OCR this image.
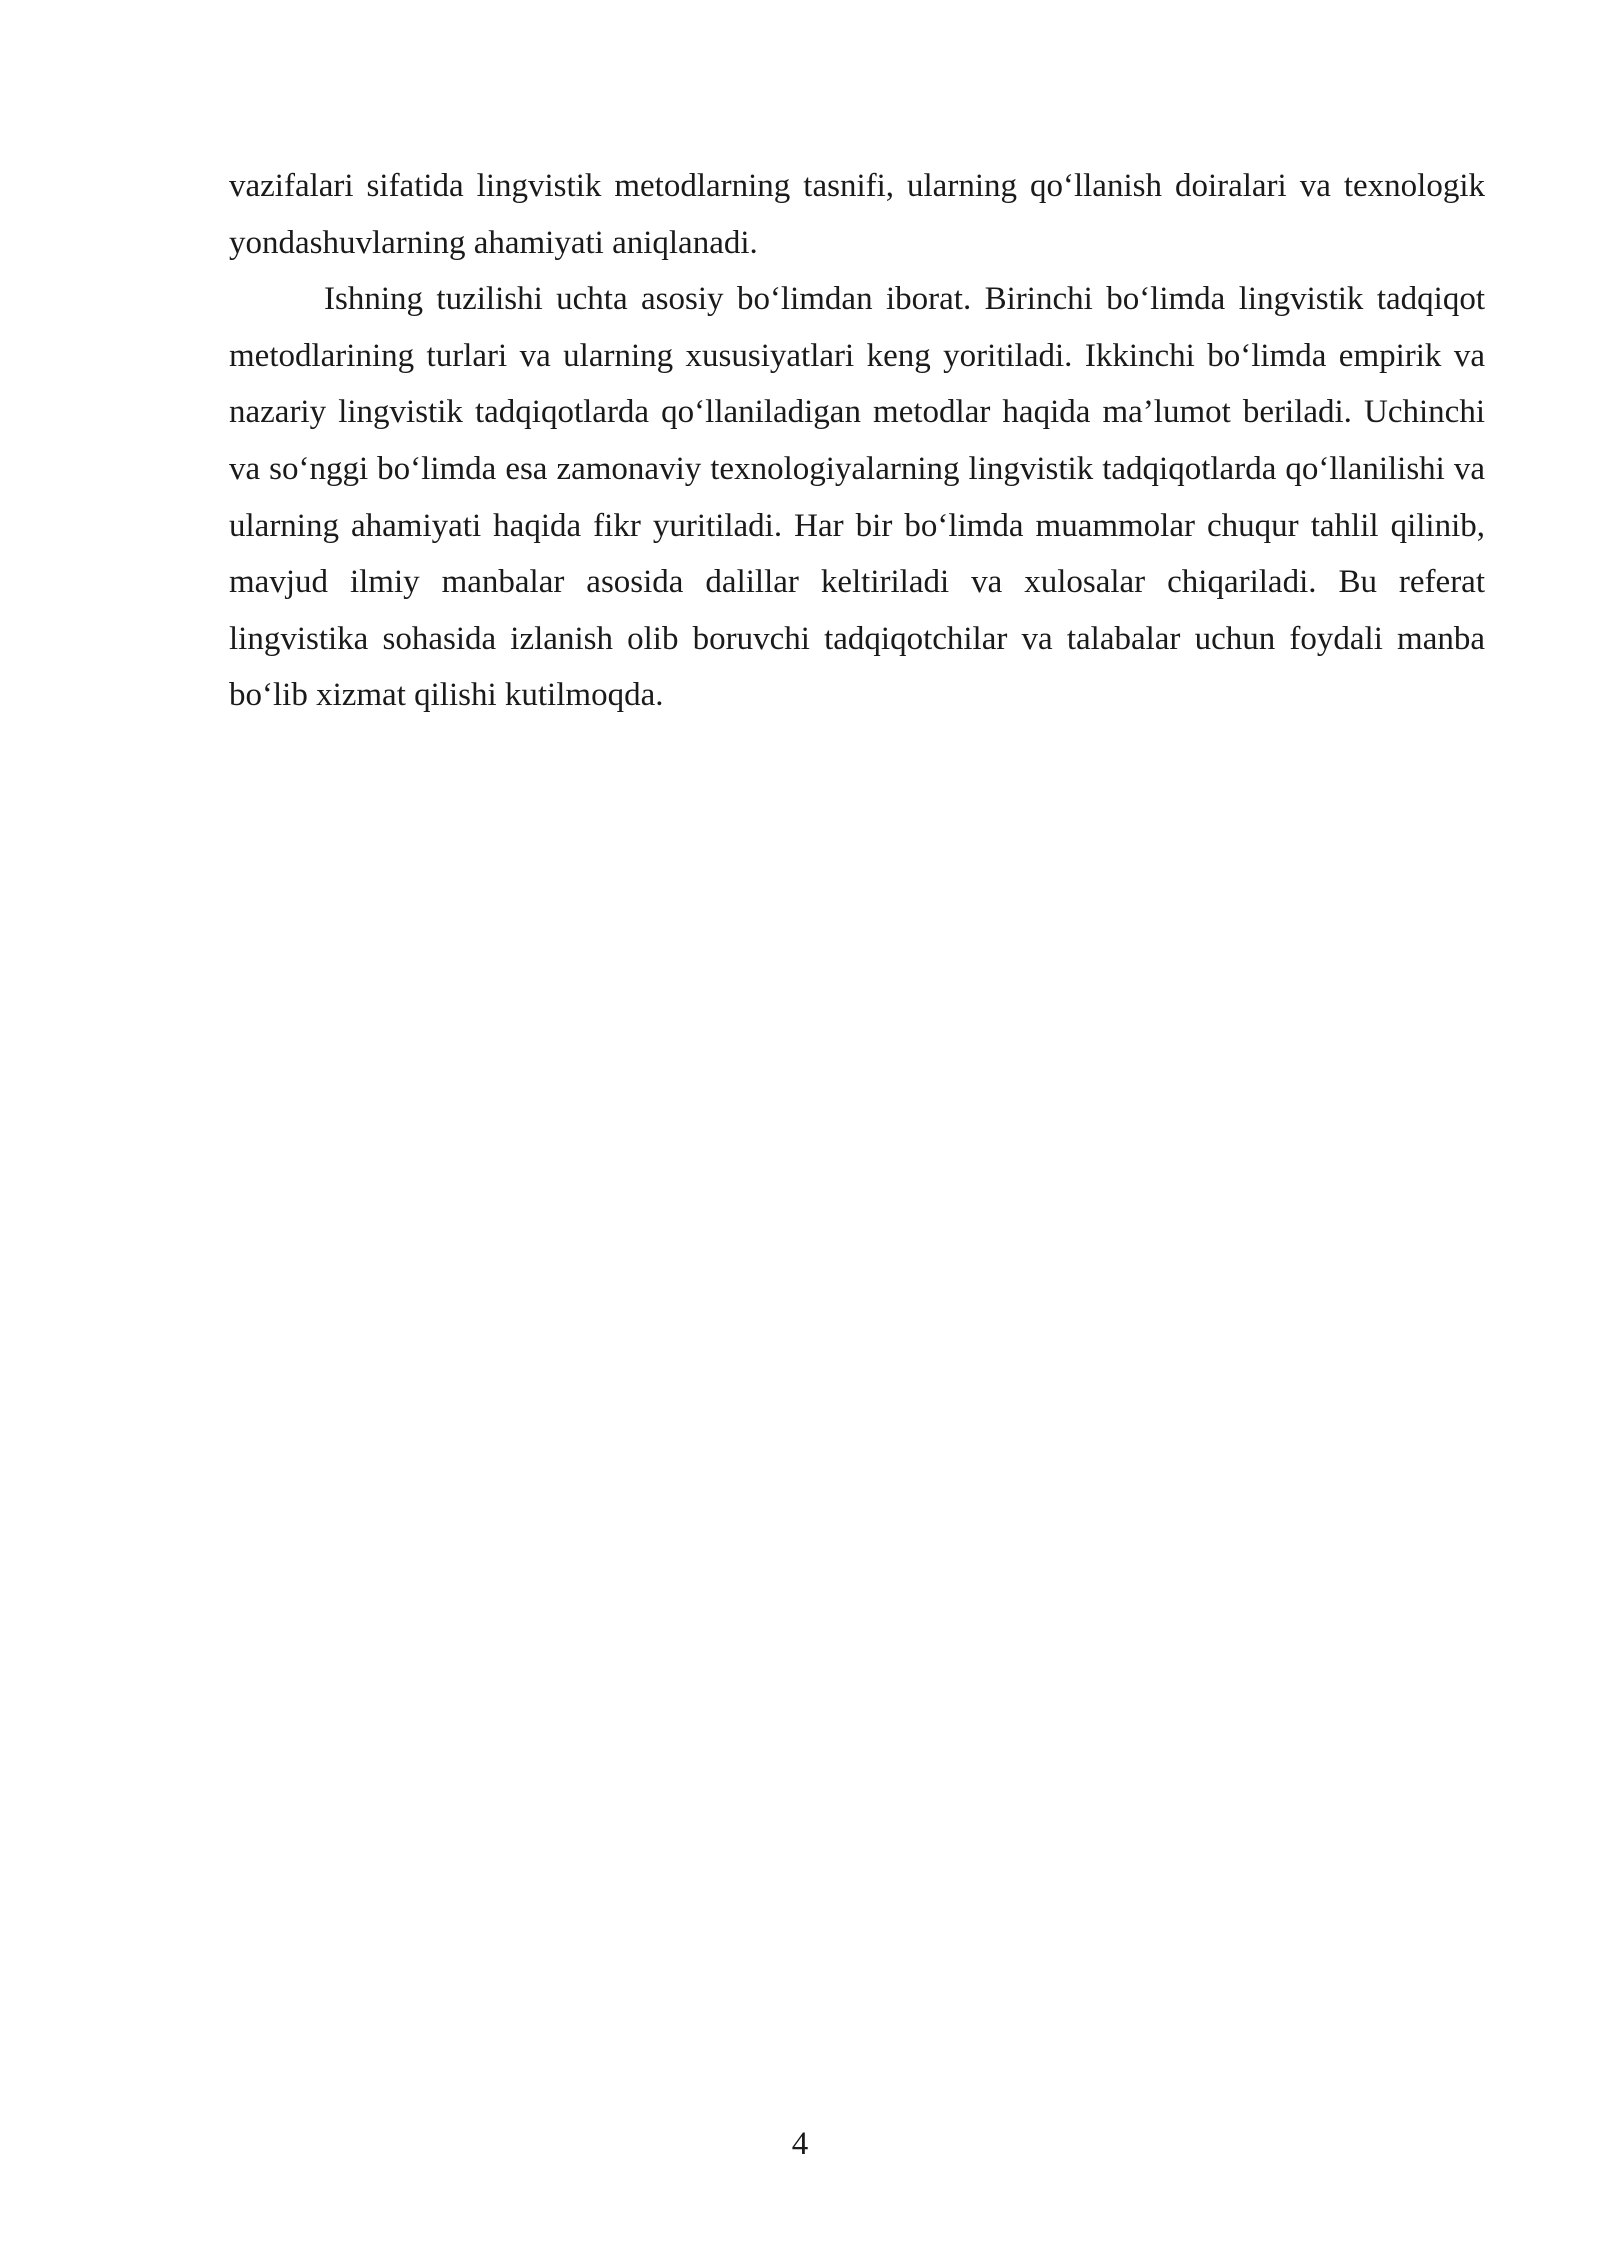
vazifalari sifatida lingvistik metodlarning tasnifi, ularning qo‘llanish doiralari va texnologik yondashuvlarning ahamiyati aniqlanadi.

Ishning tuzilishi uchta asosiy bo‘limdan iborat. Birinchi bo‘limda lingvistik tadqiqot metodlarining turlari va ularning xususiyatlari keng yoritiladi. Ikkinchi bo‘limda empirik va nazariy lingvistik tadqiqotlarda qo‘llaniladigan metodlar haqida ma’lumot beriladi. Uchinchi va so‘nggi bo‘limda esa zamonaviy texnologiyalarning lingvistik tadqiqotlarda qo‘llanilishi va ularning ahamiyati haqida fikr yuritiladi. Har bir bo‘limda muammolar chuqur tahlil qilinib, mavjud ilmiy manbalar asosida dalillar keltiriladi va xulosalar chiqariladi. Bu referat lingvistika sohasida izlanish olib boruvchi tadqiqotchilar va talabalar uchun foydali manba bo‘lib xizmat qilishi kutilmoqda.

4
